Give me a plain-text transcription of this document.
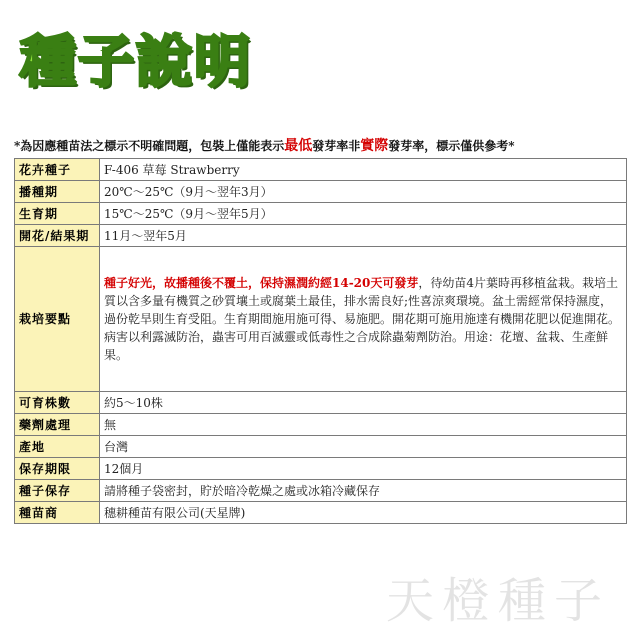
種子說明
*為因應種苗法之標示不明確問題，包裝上僅能表示最低發芽率非實際發芽率，標示僅供參考*
花卉種子	F-406 草莓 Strawberry
播種期	20℃～25℃（9月～翌年3月）
生育期	15℃～25℃（9月～翌年5月）
開花/結果期	11月～翌年5月
栽培要點	種子好光，故播種後不覆土，保持濕潤約經14-20天可發芽，待幼苗4片葉時再移植盆栽。栽培土質以含多量有機質之砂質壤土或腐葉土最佳，排水需良好;性喜涼爽環境。盆土需經常保持濕度，過份乾旱則生育受阻。生育期間施用施可得、易施肥。開花期可施用施達有機開花肥以促進開花。病害以利露滅防治，蟲害可用百滅靈或低毒性之合成除蟲菊劑防治。用途：花壇、盆栽、生產鮮果。
可育株數	約5～10株
藥劑處理	無
產地	台灣
保存期限	12個月
種子保存	請將種子袋密封，貯於暗冷乾燥之處或冰箱冷藏保存
種苗商	穗耕種苗有限公司(天星牌)
天橙種子
